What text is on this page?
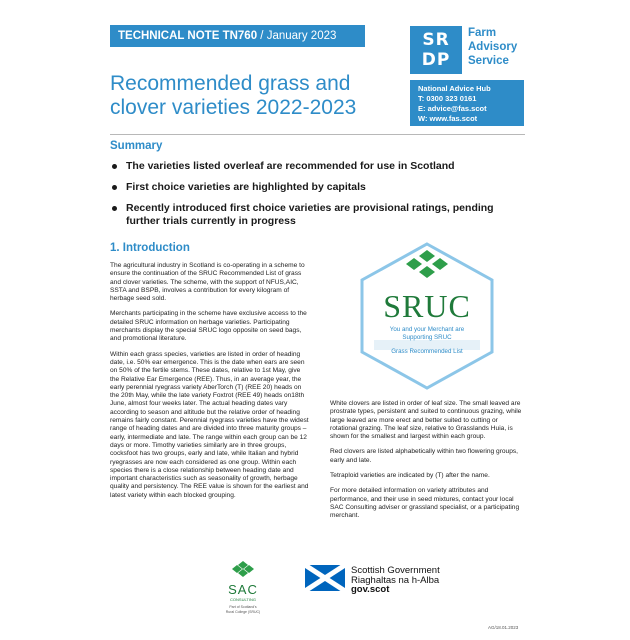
TECHNICAL NOTE TN760 / January 2023
Recommended grass and
clover varieties 2022-2023
SR
DP
Farm
Advisory
Service
National Advice Hub
T: 0300 323 0161
E: advice@fas.scot
W: www.fas.scot
Summary
The varieties listed overleaf are recommended for use in Scotland
First choice varieties are highlighted by capitals
Recently introduced first choice varieties are provisional ratings, pending further trials currently in progress
1. Introduction

The agricultural industry in Scotland is co-operating in a scheme to ensure the continuation of the SRUC Recommended List of grass and clover varieties. The scheme, with the support of NFUS,AIC, SSTA and BSPB, involves a contribution for every kilogram of herbage seed sold.

Merchants participating in the scheme have exclusive access to the detailed SRUC information on herbage varieties. Participating merchants display the special SRUC logo opposite on seed bags, and promotional literature.

Within each grass species, varieties are listed in order of heading date, i.e. 50% ear emergence. This is the date when ears are seen on 50% of the fertile stems. These dates, relative to 1st May, give the Relative Ear Emergence (REE). Thus, in an average year, the early perennial ryegrass variety AberTorch (T) (REE 20) heads on the 20th May, while the late variety Foxtrot (REE 49) heads on18th June, almost four weeks later. The actual heading dates vary according to season and altitude but the relative order of heading remains fairly constant. Perennial ryegrass varieties have the widest range of heading dates and are divided into three maturity groups – early, intermediate and late. The range within each group can be 12 days or more. Timothy varieties similarly are in three groups, cocksfoot has two groups, early and late, while Italian and hybrid ryegrasses are now each considered as one group. Within each species there is a close relationship between heading date and important characteristics such as seasonality of growth, herbage quality and persistency. The REE value is shown for the earliest and latest variety within each blocked grouping.

SRUC
You and your Merchant are
Supporting SRUC
Grass Recommended List

White clovers are listed in order of leaf size. The small leaved are prostrate types, persistent and suited to continuous grazing, while large leaved are more erect and better suited to cutting or rotational grazing. The leaf size, relative to Grasslands Huia, is shown for the smallest and largest within each group.

Red clovers are listed alphabetically within two flowering groups, early and late.

Tetraploid varieties are indicated by (T) after the name.

For more detailed information on variety attributes and performance, and their use in seed mixtures, contact your local SAC Consulting adviser or grassland specialist, or a participating merchant.

SAC
CONSULTING
Part of Scotland's
Rural College (SRUC)
Scottish Government
Riaghaltas na h-Alba
gov.scot
AG/18.01.2023
